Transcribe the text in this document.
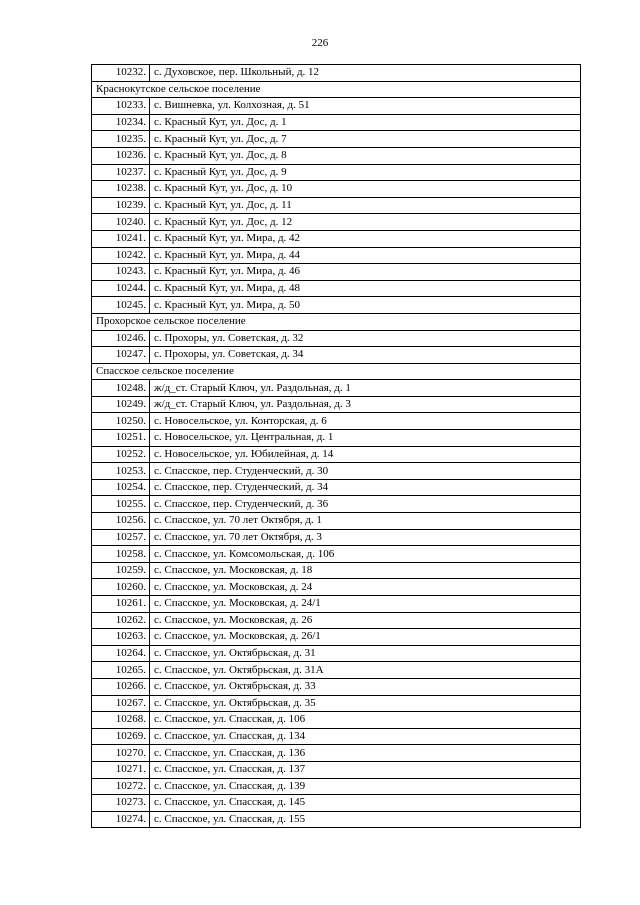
226
10232.	с. Духовское, пер. Школьный, д. 12
Краснокутское сельское поселение	
10233.	с. Вишневка, ул. Колхозная, д. 51
10234.	с. Красный Кут, ул. Дос, д. 1
10235.	с. Красный Кут, ул. Дос, д. 7
10236.	с. Красный Кут, ул. Дос, д. 8
10237.	с. Красный Кут, ул. Дос, д. 9
10238.	с. Красный Кут, ул. Дос, д. 10
10239.	с. Красный Кут, ул. Дос, д. 11
10240.	с. Красный Кут, ул. Дос, д. 12
10241.	с. Красный Кут, ул. Мира, д. 42
10242.	с. Красный Кут, ул. Мира, д. 44
10243.	с. Красный Кут, ул. Мира, д. 46
10244.	с. Красный Кут, ул. Мира, д. 48
10245.	с. Красный Кут, ул. Мира, д. 50
Прохорское сельское поселение	
10246.	с. Прохоры, ул. Советская, д. 32
10247.	с. Прохоры, ул. Советская, д. 34
Спасское сельское поселение	
10248.	ж/д_ст. Старый Ключ, ул. Раздольная, д. 1
10249.	ж/д_ст. Старый Ключ, ул. Раздольная, д. 3
10250.	с. Новосельское, ул. Конторская, д. 6
10251.	с. Новосельское, ул. Центральная, д. 1
10252.	с. Новосельское, ул. Юбилейная, д. 14
10253.	с. Спасское, пер. Студенческий, д. 30
10254.	с. Спасское, пер. Студенческий, д. 34
10255.	с. Спасское, пер. Студенческий, д. 36
10256.	с. Спасское, ул. 70 лет Октября, д. 1
10257.	с. Спасское, ул. 70 лет Октября, д. 3
10258.	с. Спасское, ул. Комсомольская, д. 106
10259.	с. Спасское, ул. Московская, д. 18
10260.	с. Спасское, ул. Московская, д. 24
10261.	с. Спасское, ул. Московская, д. 24/1
10262.	с. Спасское, ул. Московская, д. 26
10263.	с. Спасское, ул. Московская, д. 26/1
10264.	с. Спасское, ул. Октябрьская, д. 31
10265.	с. Спасское, ул. Октябрьская, д. 31А
10266.	с. Спасское, ул. Октябрьская, д. 33
10267.	с. Спасское, ул. Октябрьская, д. 35
10268.	с. Спасское, ул. Спасская, д. 106
10269.	с. Спасское, ул. Спасская, д. 134
10270.	с. Спасское, ул. Спасская, д. 136
10271.	с. Спасское, ул. Спасская, д. 137
10272.	с. Спасское, ул. Спасская, д. 139
10273.	с. Спасское, ул. Спасская, д. 145
10274.	с. Спасское, ул. Спасская, д. 155
